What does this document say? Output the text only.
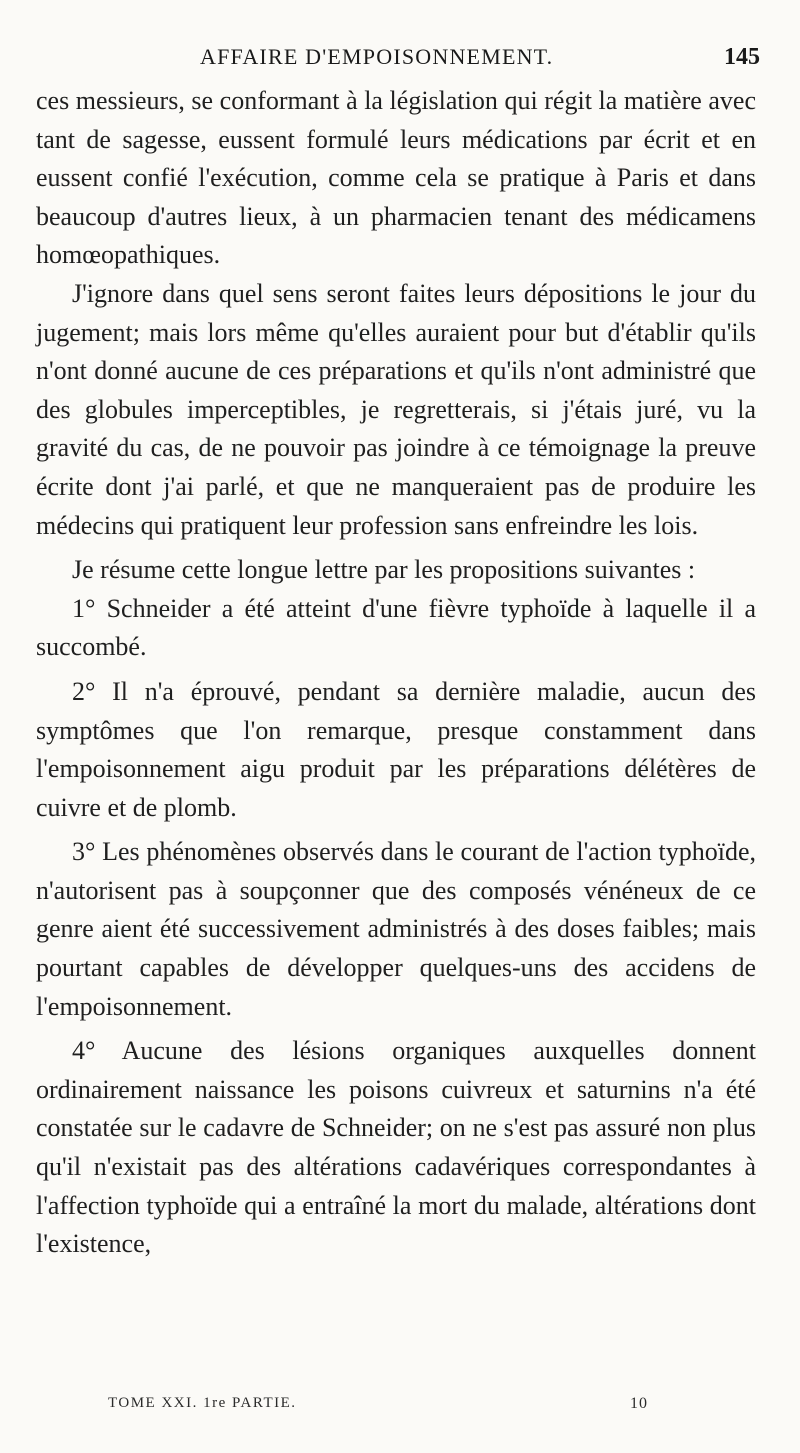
AFFAIRE D'EMPOISONNEMENT.	145

ces messieurs, se conformant à la législation qui régit la matière avec tant de sagesse, eussent formulé leurs médications par écrit et en eussent confié l'exécution, comme cela se pratique à Paris et dans beaucoup d'autres lieux, à un pharmacien tenant des médicamens homœopathiques.

J'ignore dans quel sens seront faites leurs dépositions le jour du jugement; mais lors même qu'elles auraient pour but d'établir qu'ils n'ont donné aucune de ces préparations et qu'ils n'ont administré que des globules imperceptibles, je regretterais, si j'étais juré, vu la gravité du cas, de ne pouvoir pas joindre à ce témoignage la preuve écrite dont j'ai parlé, et que ne manqueraient pas de produire les médecins qui pratiquent leur profession sans enfreindre les lois.

Je résume cette longue lettre par les propositions suivantes :

1° Schneider a été atteint d'une fièvre typhoïde à laquelle il a succombé.

2° Il n'a éprouvé, pendant sa dernière maladie, aucun des symptômes que l'on remarque, presque constamment dans l'empoisonnement aigu produit par les préparations délétères de cuivre et de plomb.

3° Les phénomènes observés dans le courant de l'action typhoïde, n'autorisent pas à soupçonner que des composés vénéneux de ce genre aient été successivement administrés à des doses faibles; mais pourtant capables de développer quelques-uns des accidens de l'empoisonnement.

4° Aucune des lésions organiques auxquelles donnent ordinairement naissance les poisons cuivreux et saturnins n'a été constatée sur le cadavre de Schneider; on ne s'est pas assuré non plus qu'il n'existait pas des altérations cadavériques correspondantes à l'affection typhoïde qui a entraîné la mort du malade, altérations dont l'existence,

TOME XXI. 1re PARTIE.	10
